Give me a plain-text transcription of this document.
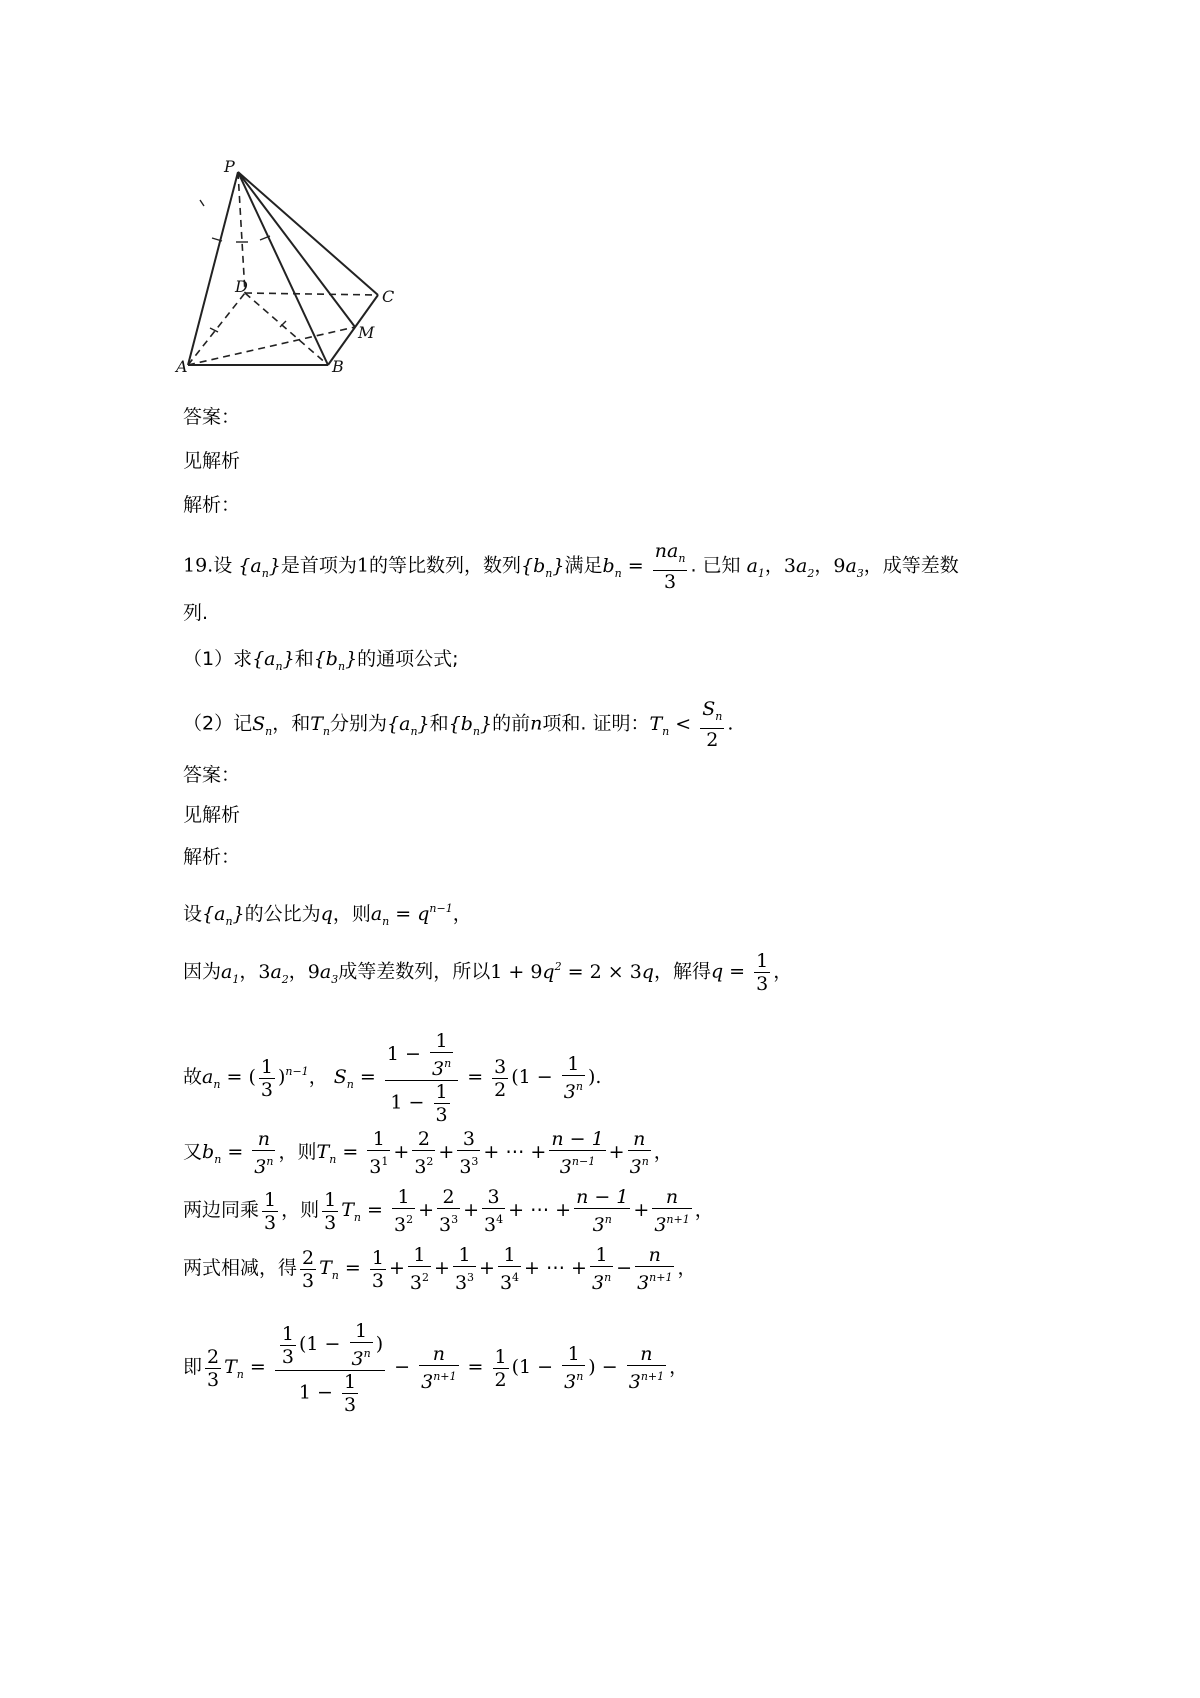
P
A	B
C
D
M
答案：
见解析
解析：
19.设 $\{a_n\}$是首项为1的等比数列，数列$\{b_n\}$满足$b_n = \frac{na_n}{3}$ . 已知 $a_1$，$3a_2$，$9a_3$，成等差数
列.
（1）求$\{a_n\}$和$\{b_n\}$的通项公式;
（2）记$S_n$，和$T_n$分别为$\{a_n\}$和$\{b_n\}$的前n项和. 证明：$T_n < \frac{S_n}{2}$ .
答案：
见解析
解析：
设$\{a_n\}$的公比为q，则$a_n = q^{n-1}$，
因为$a_1$，$3a_2$，$9a_3$成等差数列，所以$1 + 9q^2 = 2 \times 3q$，解得$q = \frac{1}{3}$ ，
故$a_n$ = ( $\frac{1}{3} )^{n-1}$， $S_n = \frac{1 - \frac{1}{3^n}}{1 - \frac{1}{3}} = \frac{3}{2} (1 - \frac{1}{3^n}$ ).
又$b_n = \frac{n}{3^n}$ ，则$T_n = \frac{1}{3^1} + \frac{2}{3^2} + \frac{3}{3^3}$ + ⋯ + $\frac{n - 1}{3^{n-1}} + \frac{n}{3^n}$ ，
两边同乘 $\frac{1}{3}$ ，则 $\frac{1}{3} T_n = \frac{1}{3^2} + \frac{2}{3^3} + \frac{3}{3^4}$ + ⋯ + $\frac{n - 1}{3^n} + \frac{n}{3^{n+1}}$ ，
两式相减，得 $\frac{2}{3} T_n = \frac{1}{3} + \frac{1}{3^2} + \frac{1}{3^3} + \frac{1}{3^4}$ + ⋯ + $\frac{1}{3^n} - \frac{n}{3^{n+1}}$ ，
即 $\frac{2}{3} T_n = \frac{\frac{1}{3} (1 - \frac{1}{3^n} )}{1 - \frac{1}{3}} - \frac{n}{3^{n+1}} = \frac{1}{2} (1 - \frac{1}{3^n}$ ) − $\frac{n}{3^{n+1}}$ ，
